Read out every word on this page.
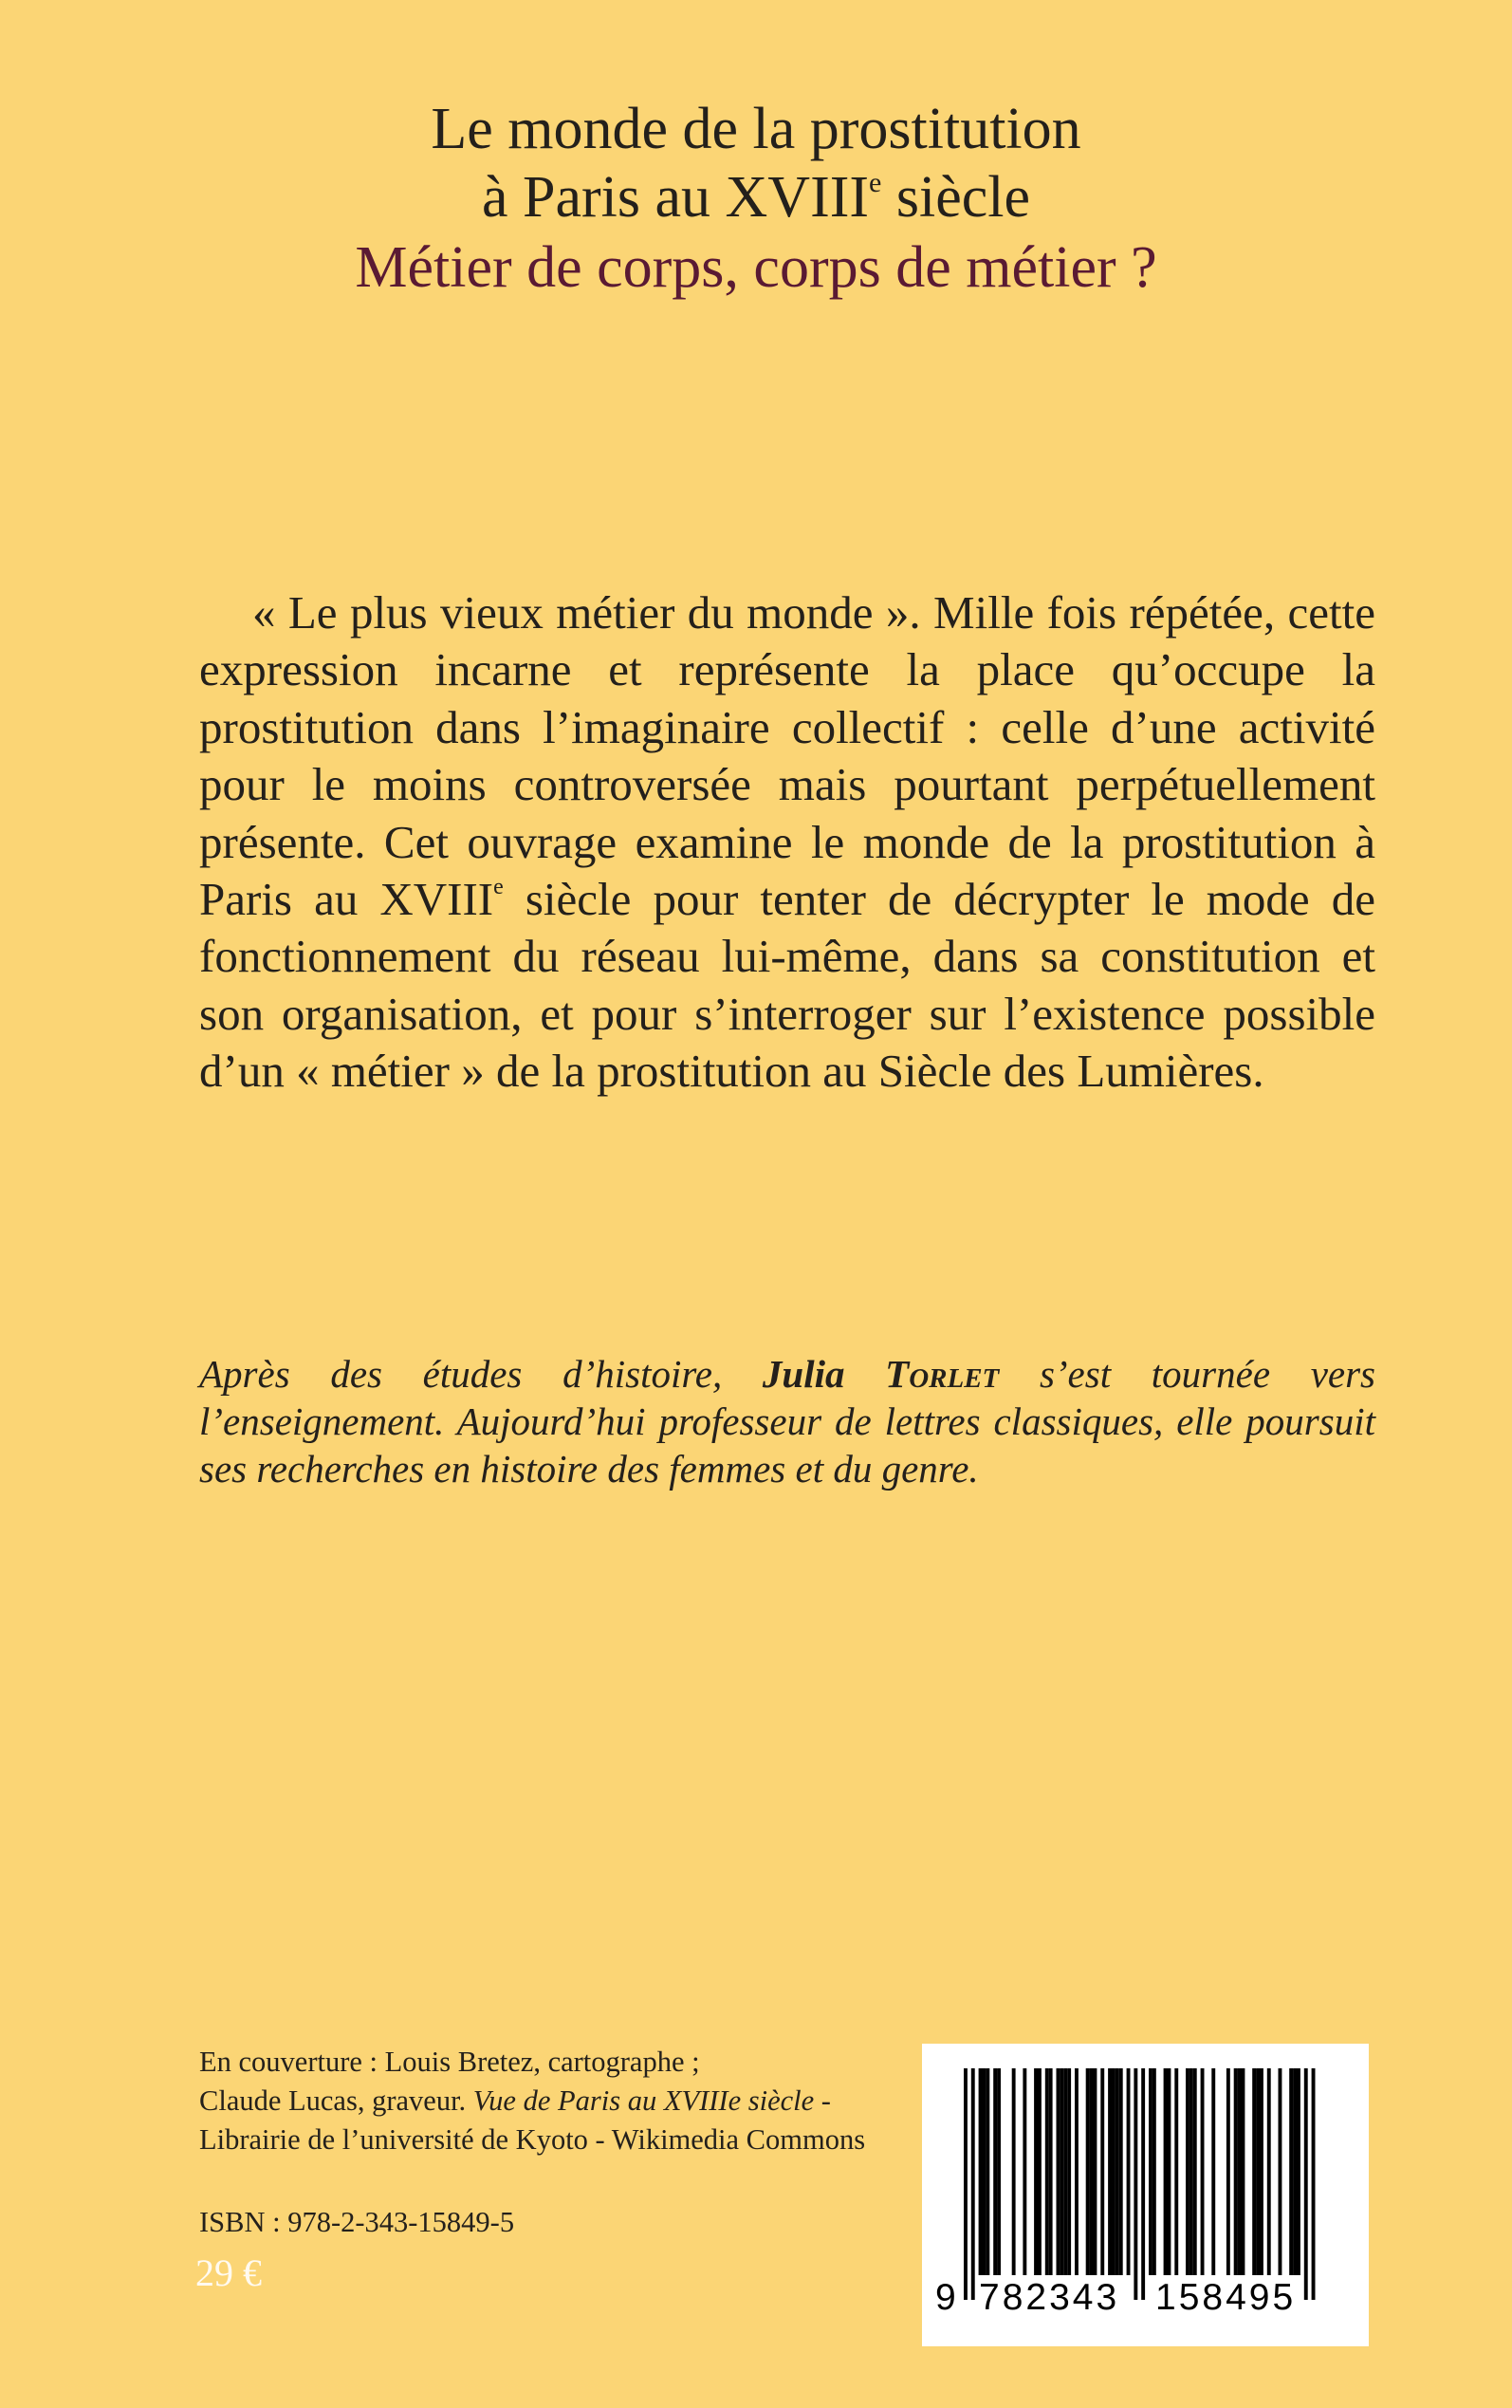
Le monde de la prostitution
à Paris au XVIIIe siècle
Métier de corps, corps de métier ?

« Le plus vieux métier du monde ». Mille fois répétée, cette expression incarne et représente la place qu’occupe la prostitution dans l’imaginaire collectif : celle d’une activité pour le moins controversée mais pourtant perpétuellement présente. Cet ouvrage examine le monde de la prostitution à Paris au XVIIIe siècle pour tenter de décrypter le mode de fonctionnement du réseau lui-même, dans sa constitution et son organisation, et pour s’interroger sur l’existence possible d’un « métier » de la prostitution au Siècle des Lumières.

Après des études d’histoire, Julia Torlet s’est tournée vers l’enseignement. Aujourd’hui professeur de lettres classiques, elle poursuit ses recherches en histoire des femmes et du genre.
En couverture : Louis Bretez, cartographe ;
Claude Lucas, graveur. Vue de Paris au XVIIIe siècle -
Librairie de l’université de Kyoto - Wikimedia Commons
ISBN : 978-2-343-15849-5
29 €
9 782343 158495
